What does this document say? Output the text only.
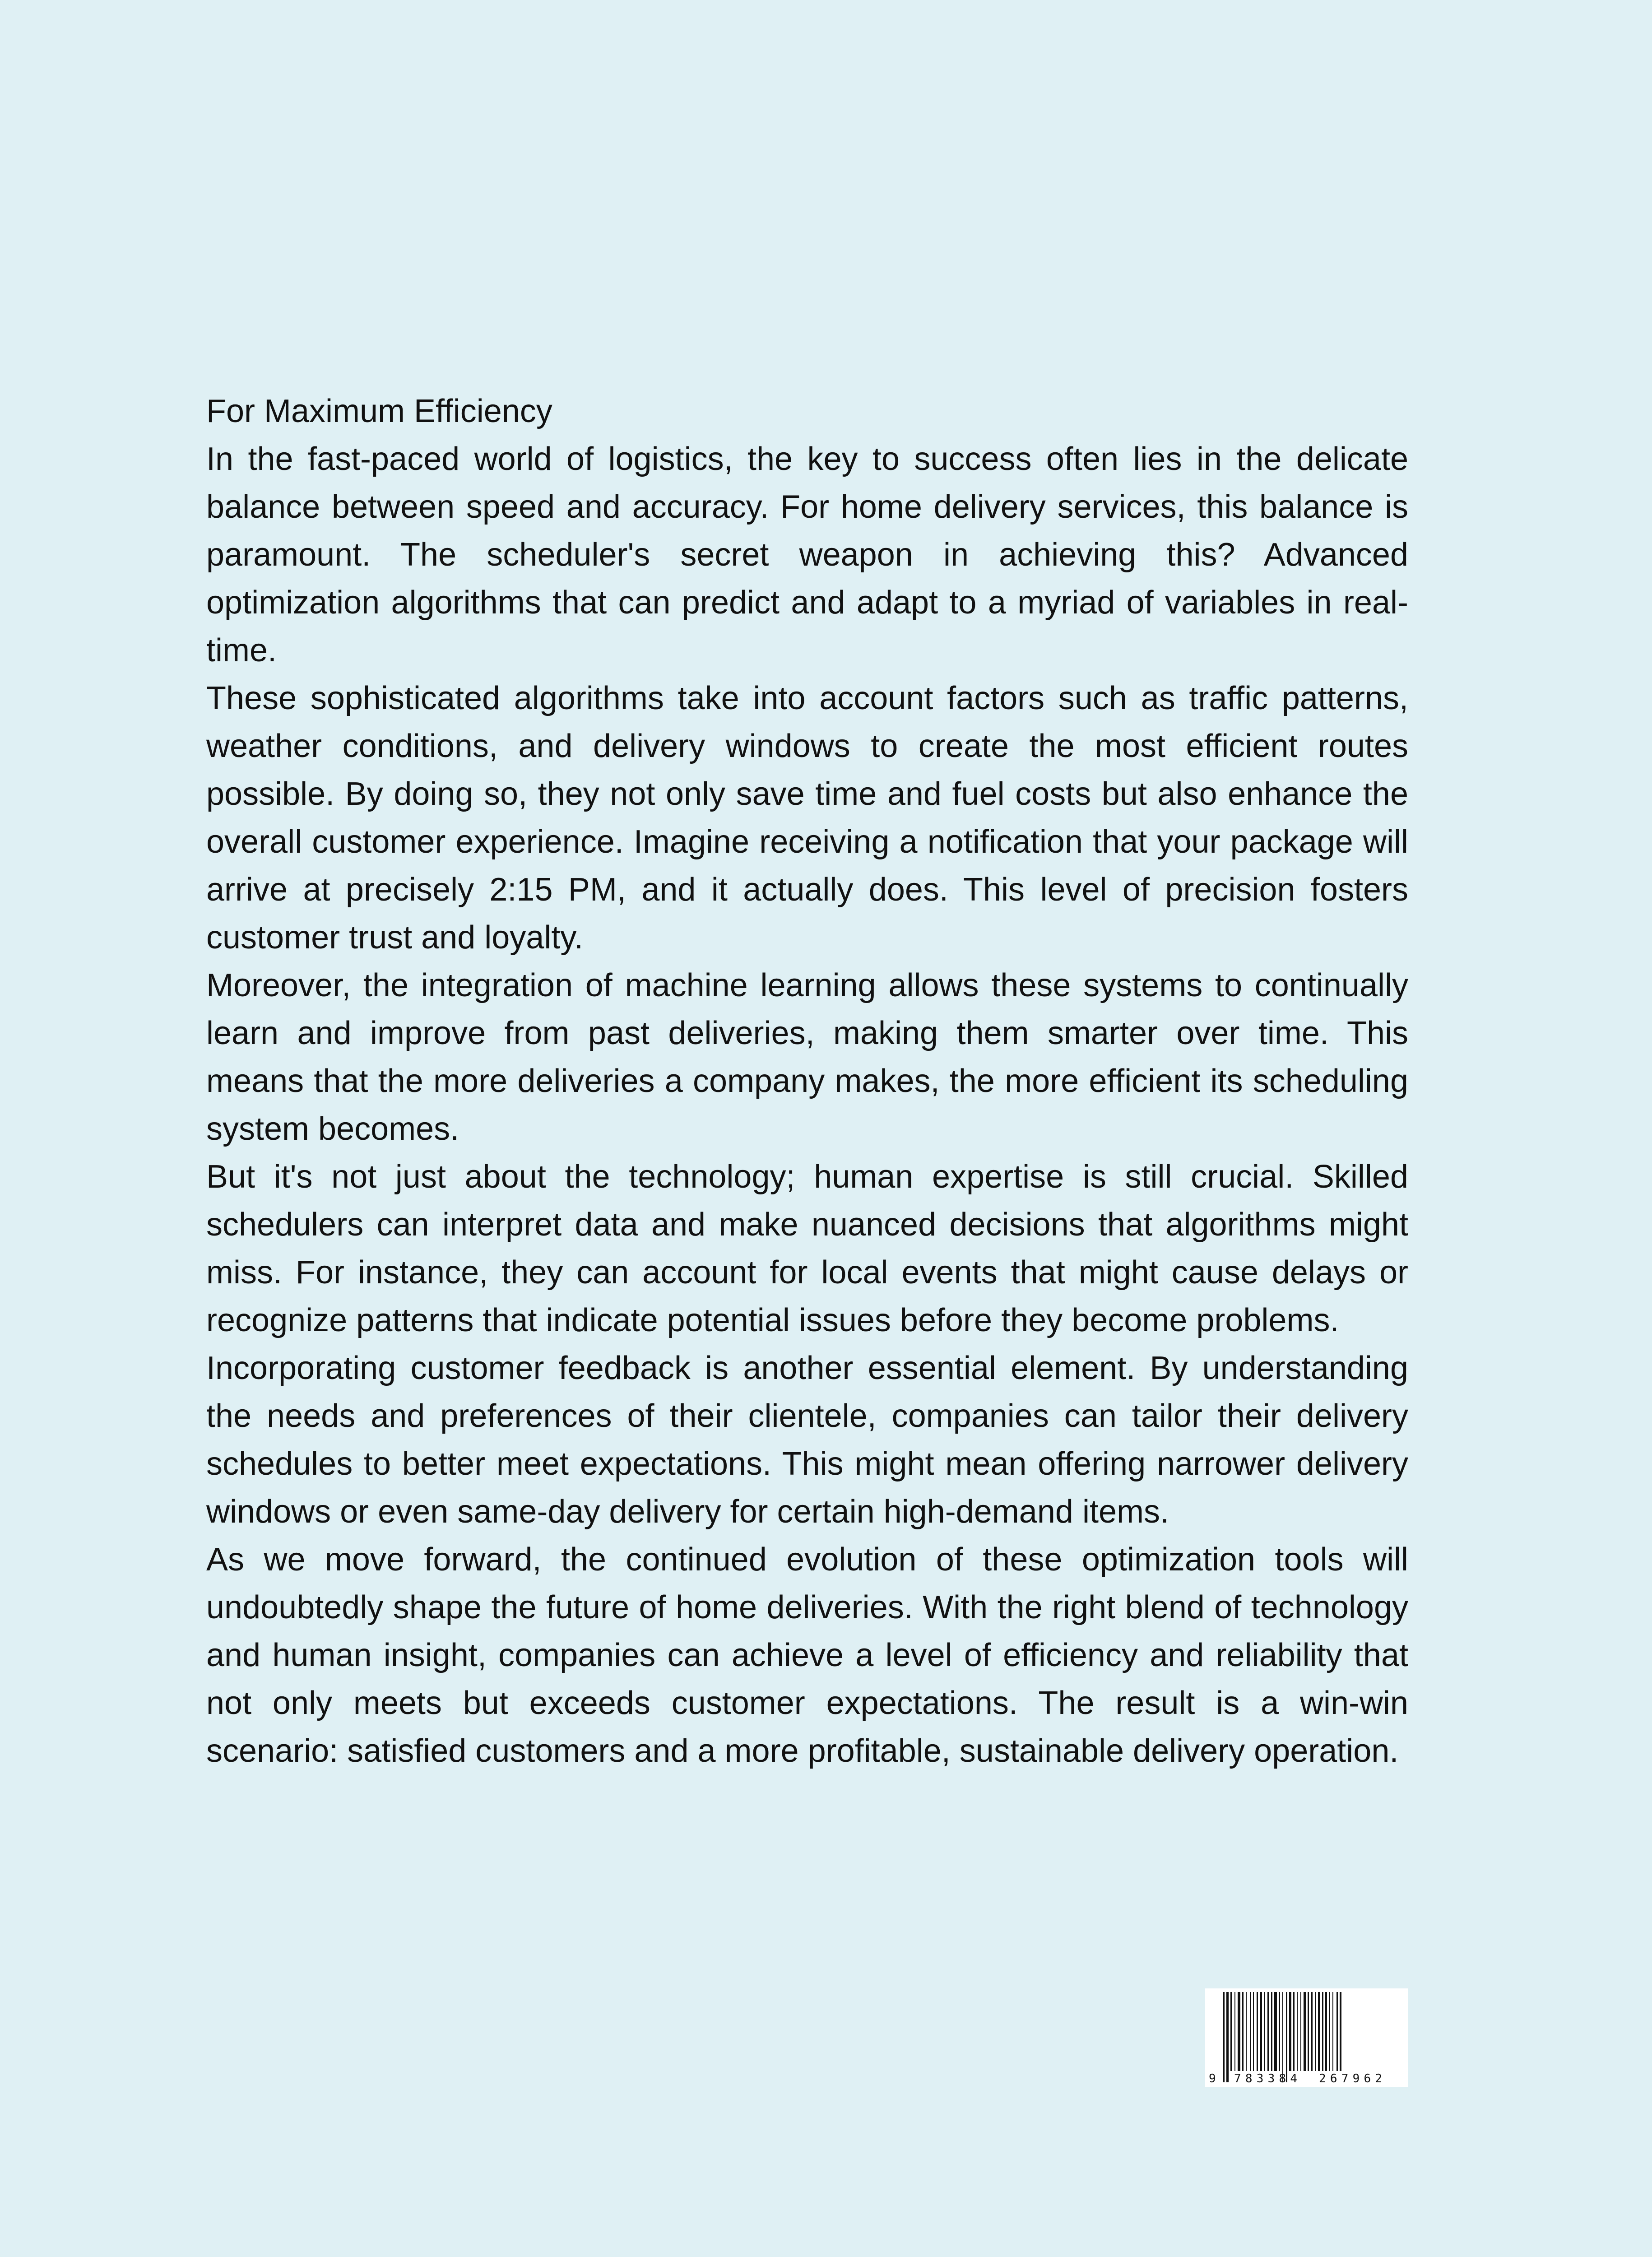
For Maximum Efficiency

In the fast-paced world of logistics, the key to success often lies in the delicate balance between speed and accuracy. For home delivery services, this balance is paramount. The scheduler's secret weapon in achieving this? Advanced optimization algorithms that can predict and adapt to a myriad of variables in real-time.

These sophisticated algorithms take into account factors such as traffic patterns, weather conditions, and delivery windows to create the most efficient routes possible. By doing so, they not only save time and fuel costs but also enhance the overall customer experience. Imagine receiving a notification that your package will arrive at precisely 2:15 PM, and it actually does. This level of precision fosters customer trust and loyalty.

Moreover, the integration of machine learning allows these systems to continually learn and improve from past deliveries, making them smarter over time. This means that the more deliveries a company makes, the more efficient its scheduling system becomes.

But it's not just about the technology; human expertise is still crucial. Skilled schedulers can interpret data and make nuanced decisions that algorithms might miss. For instance, they can account for local events that might cause delays or recognize patterns that indicate potential issues before they become problems.

Incorporating customer feedback is another essential element. By understanding the needs and preferences of their clientele, companies can tailor their delivery schedules to better meet expectations. This might mean offering narrower delivery windows or even same-day delivery for certain high-demand items.

As we move forward, the continued evolution of these optimization tools will undoubtedly shape the future of home deliveries. With the right blend of technology and human insight, companies can achieve a level of efficiency and reliability that not only meets but exceeds customer expectations. The result is a win-win scenario: satisfied customers and a more profitable, sustainable delivery operation.

9 783384 267962
